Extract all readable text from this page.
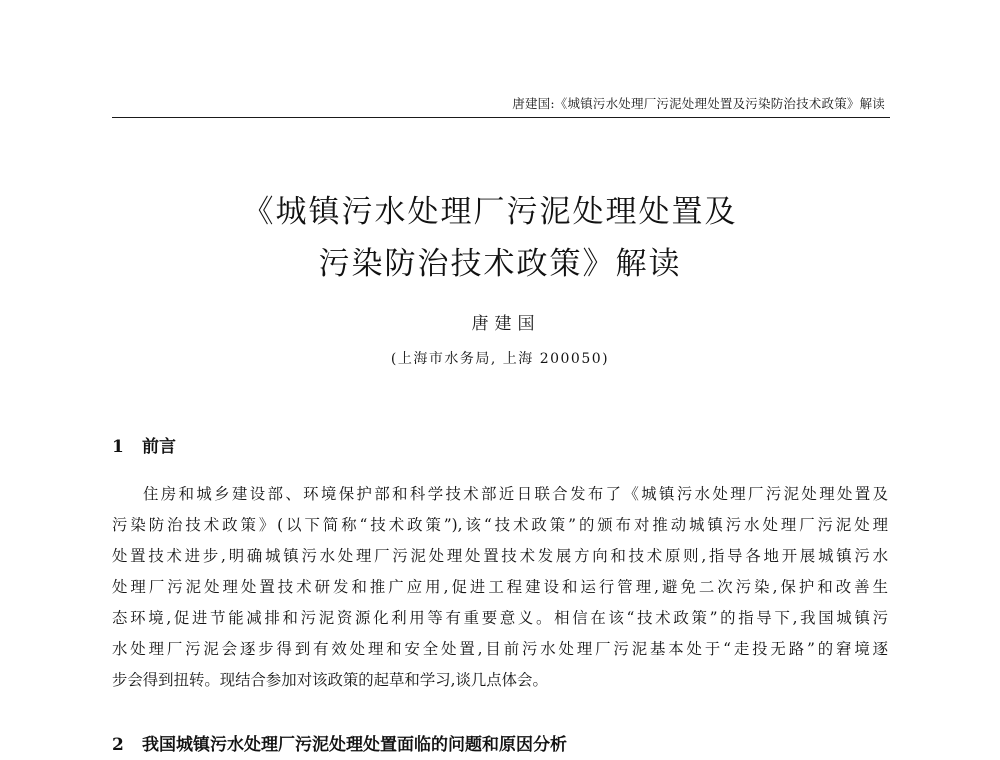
唐建国:《城镇污水处理厂污泥处理处置及污染防治技术政策》解读
《城镇污水处理厂污泥处理处置及
污染防治技术政策》解读
唐建国
(上海市水务局, 上海 200050)
1 前言
住房和城乡建设部、环境保护部和科学技术部近日联合发布了《城镇污水处理厂污泥处理处置及
污染防治技术政策》(以下简称“技术政策”),该“技术政策”的颁布对推动城镇污水处理厂污泥处理
处置技术进步,明确城镇污水处理厂污泥处理处置技术发展方向和技术原则,指导各地开展城镇污水
处理厂污泥处理处置技术研发和推广应用,促进工程建设和运行管理,避免二次污染,保护和改善生
态环境,促进节能减排和污泥资源化利用等有重要意义。相信在该“技术政策”的指导下,我国城镇污
水处理厂污泥会逐步得到有效处理和安全处置,目前污水处理厂污泥基本处于“走投无路”的窘境逐
步会得到扭转。现结合参加对该政策的起草和学习,谈几点体会。
2 我国城镇污水处理厂污泥处理处置面临的问题和原因分析
